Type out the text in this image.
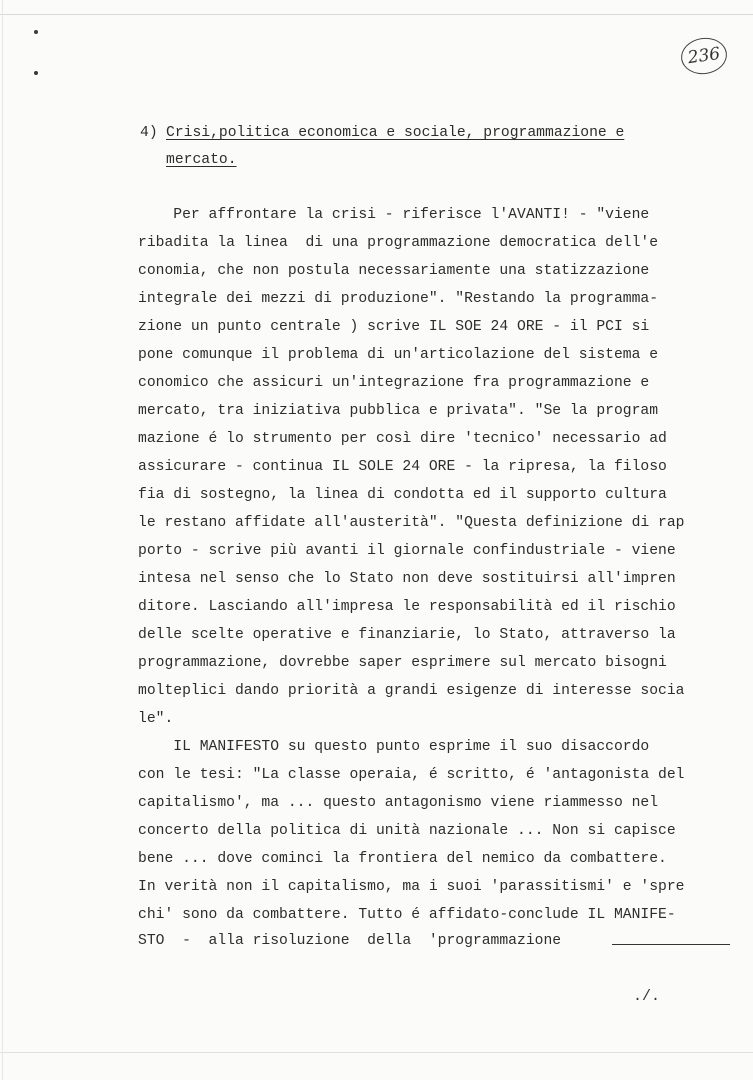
236
4) Crisi,politica economica e sociale, programmazione e
mercato.
Per affrontare la crisi - riferisce l'AVANTI! - "viene
ribadita la linea  di una programmazione democratica dell'e
conomia, che non postula necessariamente una statizzazione
integrale dei mezzi di produzione". "Restando la programma-
zione un punto centrale ) scrive IL SOE 24 ORE - il PCI si
pone comunque il problema di un'articolazione del sistema e
conomico che assicuri un'integrazione fra programmazione e
mercato, tra iniziativa pubblica e privata". "Se la program
mazione é lo strumento per così dire 'tecnico' necessario ad
assicurare - continua IL SOLE 24 ORE - la ripresa, la filoso
fia di sostegno, la linea di condotta ed il supporto cultura
le restano affidate all'austerità". "Questa definizione di rap
porto - scrive più avanti il giornale confindustriale - viene
intesa nel senso che lo Stato non deve sostituirsi all'impren
ditore. Lasciando all'impresa le responsabilità ed il rischio
delle scelte operative e finanziarie, lo Stato, attraverso la
programmazione, dovrebbe saper esprimere sul mercato bisogni
molteplici dando priorità a grandi esigenze di interesse socia
le".
IL MANIFESTO su questo punto esprime il suo disaccordo
con le tesi: "La classe operaia, é scritto, é 'antagonista del
capitalismo', ma ... questo antagonismo viene riammesso nel
concerto della politica di unità nazionale ... Non si capisce
bene ... dove cominci la frontiera del nemico da combattere.
In verità non il capitalismo, ma i suoi 'parassitismi' e 'spre
chi' sono da combattere. Tutto é affidato-conclude IL MANIFE-
STO  -  alla risoluzione  della  'programmazione
./.
